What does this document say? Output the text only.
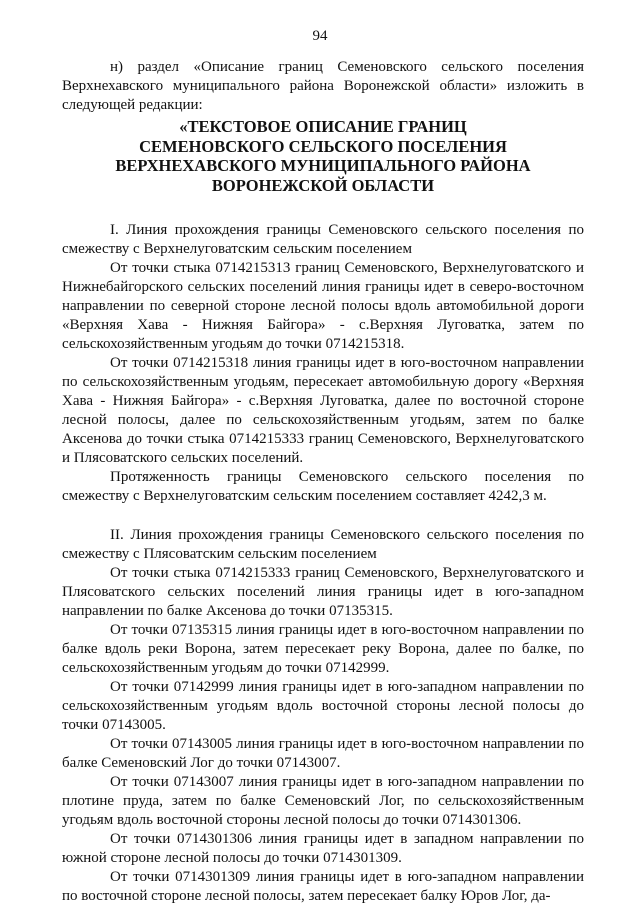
94

н) раздел «Описание границ Семеновского сельского поселения Верхнехавского муниципального района Воронежской области» изложить в следующей редакции:

«ТЕКСТОВОЕ ОПИСАНИЕ ГРАНИЦ
СЕМЕНОВСКОГО СЕЛЬСКОГО ПОСЕЛЕНИЯ
ВЕРХНЕХАВСКОГО МУНИЦИПАЛЬНОГО РАЙОНА
ВОРОНЕЖСКОЙ ОБЛАСТИ

I. Линия прохождения границы Семеновского сельского поселения по смежеству с Верхнелуговатским сельским поселением

От точки стыка 0714215313 границ Семеновского, Верхнелуговатского и Нижнебайгорского сельских поселений линия границы идет в северо-восточном направлении по северной стороне лесной полосы вдоль автомобильной дороги «Верхняя Хава - Нижняя Байгора» - с.Верхняя Луговатка, затем по сельскохозяйственным угодьям до точки 0714215318.

От точки 0714215318 линия границы идет в юго-восточном направлении по сельскохозяйственным угодьям, пересекает автомобильную дорогу «Верхняя Хава - Нижняя Байгора» - с.Верхняя Луговатка, далее по восточной стороне лесной полосы, далее по сельскохозяйственным угодьям, затем по балке Аксенова до точки стыка 0714215333 границ Семеновского, Верхнелуговатского и Плясоватского сельских поселений.

Протяженность границы Семеновского сельского поселения по смежеству с Верхнелуговатским сельским поселением составляет 4242,3 м.

II. Линия прохождения границы Семеновского сельского поселения по смежеству с Плясоватским сельским поселением

От точки стыка 0714215333 границ Семеновского, Верхнелуговатского и Плясоватского сельских поселений линия границы идет в юго-западном направлении по балке Аксенова до точки 07135315.

От точки 07135315 линия границы идет в юго-восточном направлении по балке вдоль реки Ворона, затем пересекает реку Ворона, далее по балке, по сельскохозяйственным угодьям до точки 07142999.

От точки 07142999 линия границы идет в юго-западном направлении по сельскохозяйственным угодьям вдоль восточной стороны лесной полосы до точки 07143005.

От точки 07143005 линия границы идет в юго-восточном направлении по балке Семеновский Лог до точки 07143007.

От точки 07143007 линия границы идет в юго-западном направлении по плотине пруда, затем по балке Семеновский Лог, по сельскохозяйственным угодьям вдоль восточной стороны лесной полосы до точки 0714301306.

От точки 0714301306 линия границы идет в западном направлении по южной стороне лесной полосы до точки 0714301309.

От точки 0714301309 линия границы идет в юго-западном направлении по восточной стороне лесной полосы, затем пересекает балку Юров Лог, да-
